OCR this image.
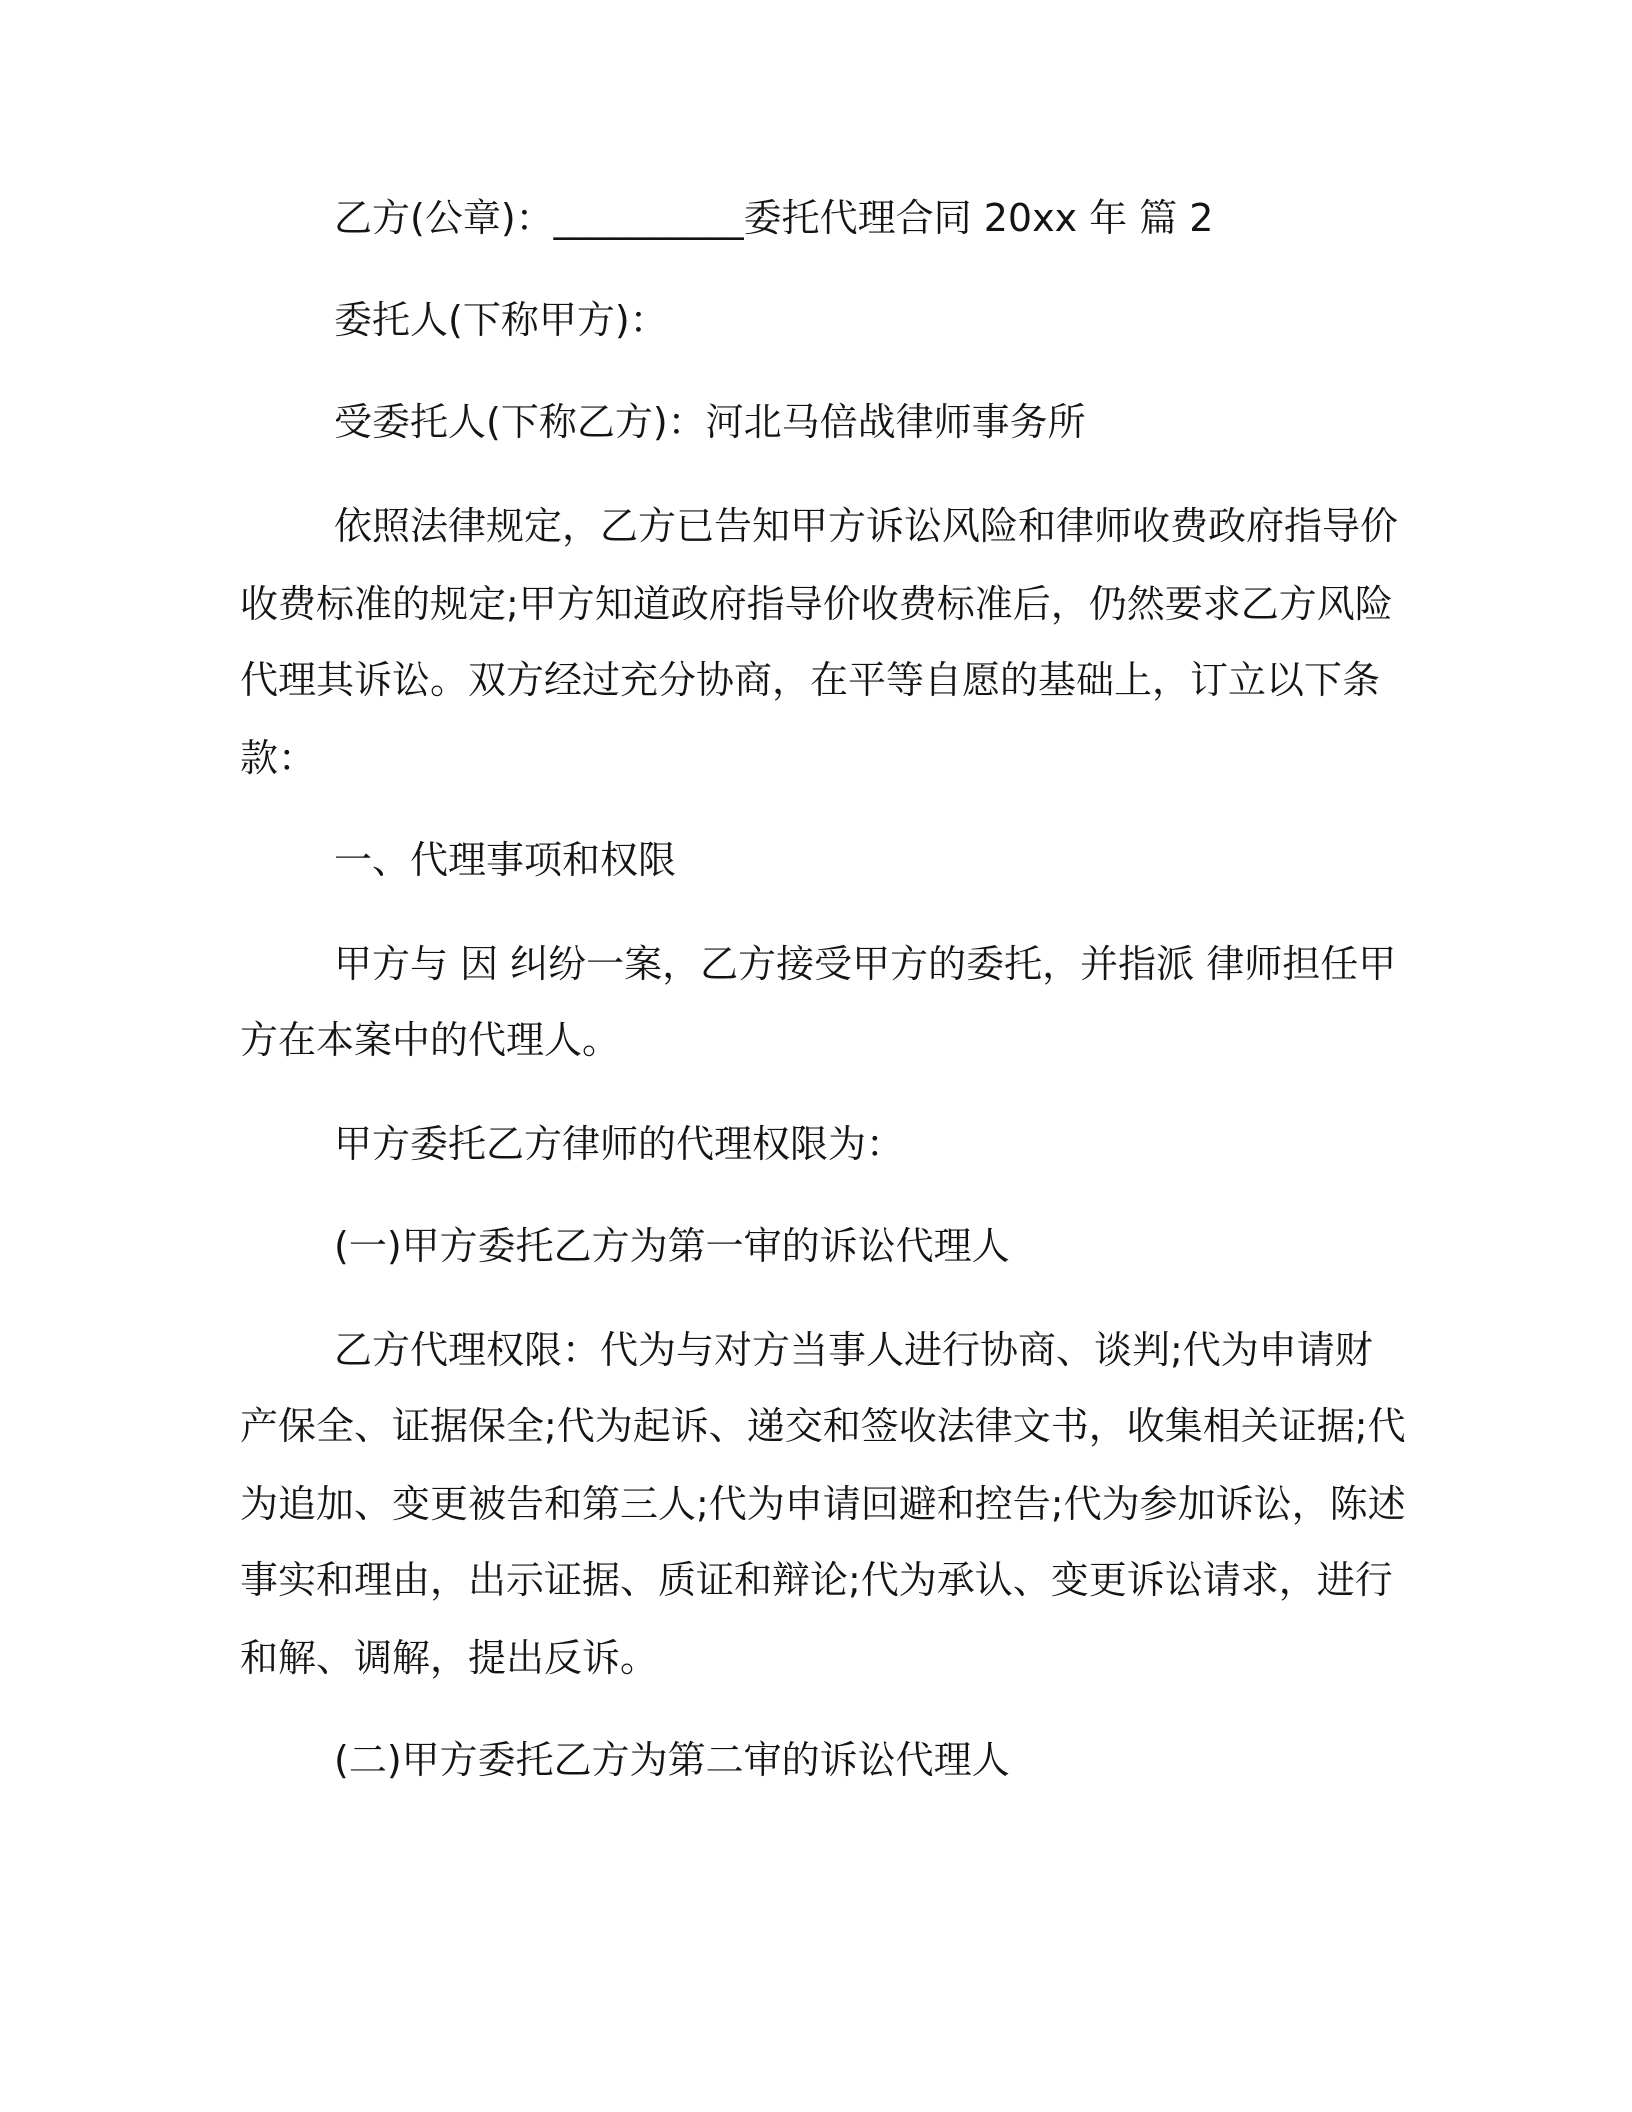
乙方(公章)：__________委托代理合同 20xx 年 篇 2
委托人(下称甲方)：
受委托人(下称乙方)：河北马倍战律师事务所
依照法律规定，乙方已告知甲方诉讼风险和律师收费政府指导价
收费标准的规定;甲方知道政府指导价收费标准后，仍然要求乙方风险
代理其诉讼。双方经过充分协商，在平等自愿的基础上，订立以下条
款：
一、代理事项和权限
甲方与 因 纠纷一案，乙方接受甲方的委托，并指派 律师担任甲
方在本案中的代理人。
甲方委托乙方律师的代理权限为：
(一)甲方委托乙方为第一审的诉讼代理人
乙方代理权限：代为与对方当事人进行协商、谈判;代为申请财
产保全、证据保全;代为起诉、递交和签收法律文书，收集相关证据;代
为追加、变更被告和第三人;代为申请回避和控告;代为参加诉讼，陈述
事实和理由，出示证据、质证和辩论;代为承认、变更诉讼请求，进行
和解、调解，提出反诉。
(二)甲方委托乙方为第二审的诉讼代理人
